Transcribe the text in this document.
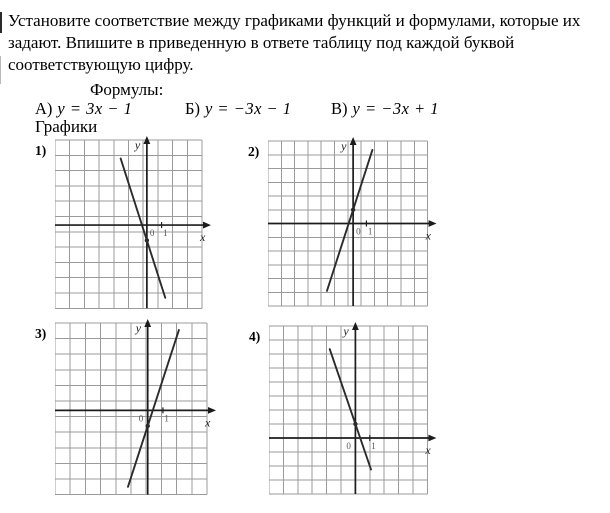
Установите соответствие между графиками функций и формулами, которые их
задают. Впишите в приведенную в ответе таблицу под каждой буквой
соответствующую цифру.
Формулы:
А) y = 3x − 1	Б) y = −3x − 1 В) y = −3x + 1
Графики
1)	y
x
0 1
2)	y
x
0 1
3)	y
x
0 1
4)	y
x
0 1
